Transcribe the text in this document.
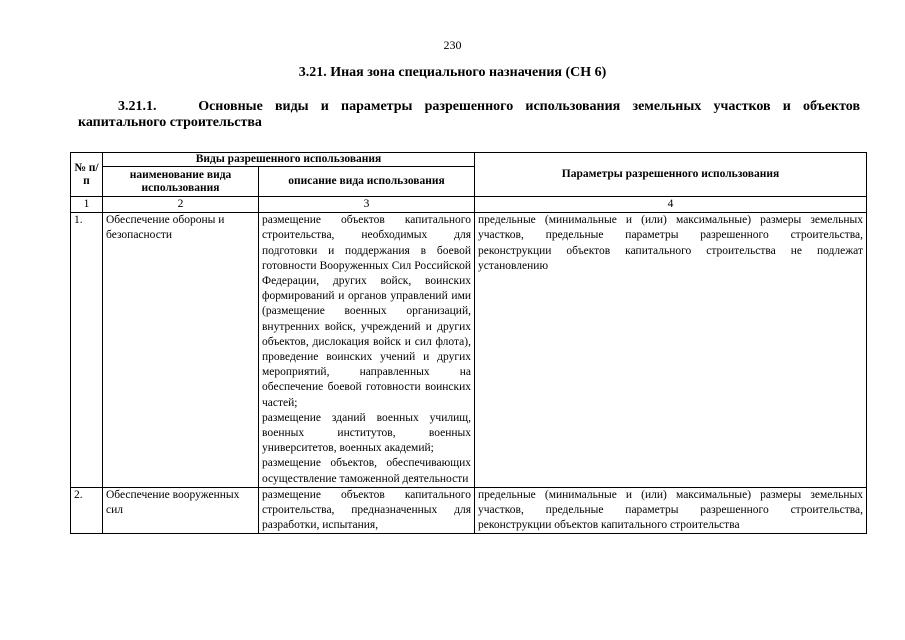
230
3.21. Иная зона специального назначения (СН 6)
3.21.1.	Основные виды и параметры разрешенного использования земельных участков и объектов капитального строительства
№ п/п	Виды разрешенного использования		Параметры разрешенного использования
	наименование вида использования	описание вида использования	
1	2	3	4
1.	Обеспечение обороны и безопасности	размещение объектов капитального строительства, необходимых для подготовки и поддержания в боевой готовности Вооруженных Сил Российской Федерации, других войск, воинских формирований и органов управлений ими (размещение военных организаций, внутренних войск, учреждений и других объектов, дислокация войск и сил флота), проведение воинских учений и других мероприятий, направленных на обеспечение боевой готовности воинских частей;
размещение зданий военных училищ, военных институтов, военных университетов, военных академий;
размещение объектов, обеспечивающих осуществление таможенной деятельности	предельные (минимальные и (или) максимальные) размеры земельных участков, предельные параметры разрешенного строительства, реконструкции объектов капитального строительства не подлежат установлению
2.	Обеспечение вооруженных сил	размещение объектов капитального строительства, предназначенных для разработки, испытания,	предельные (минимальные и (или) максимальные) размеры земельных участков, предельные параметры разрешенного строительства, реконструкции объектов капитального строительства
